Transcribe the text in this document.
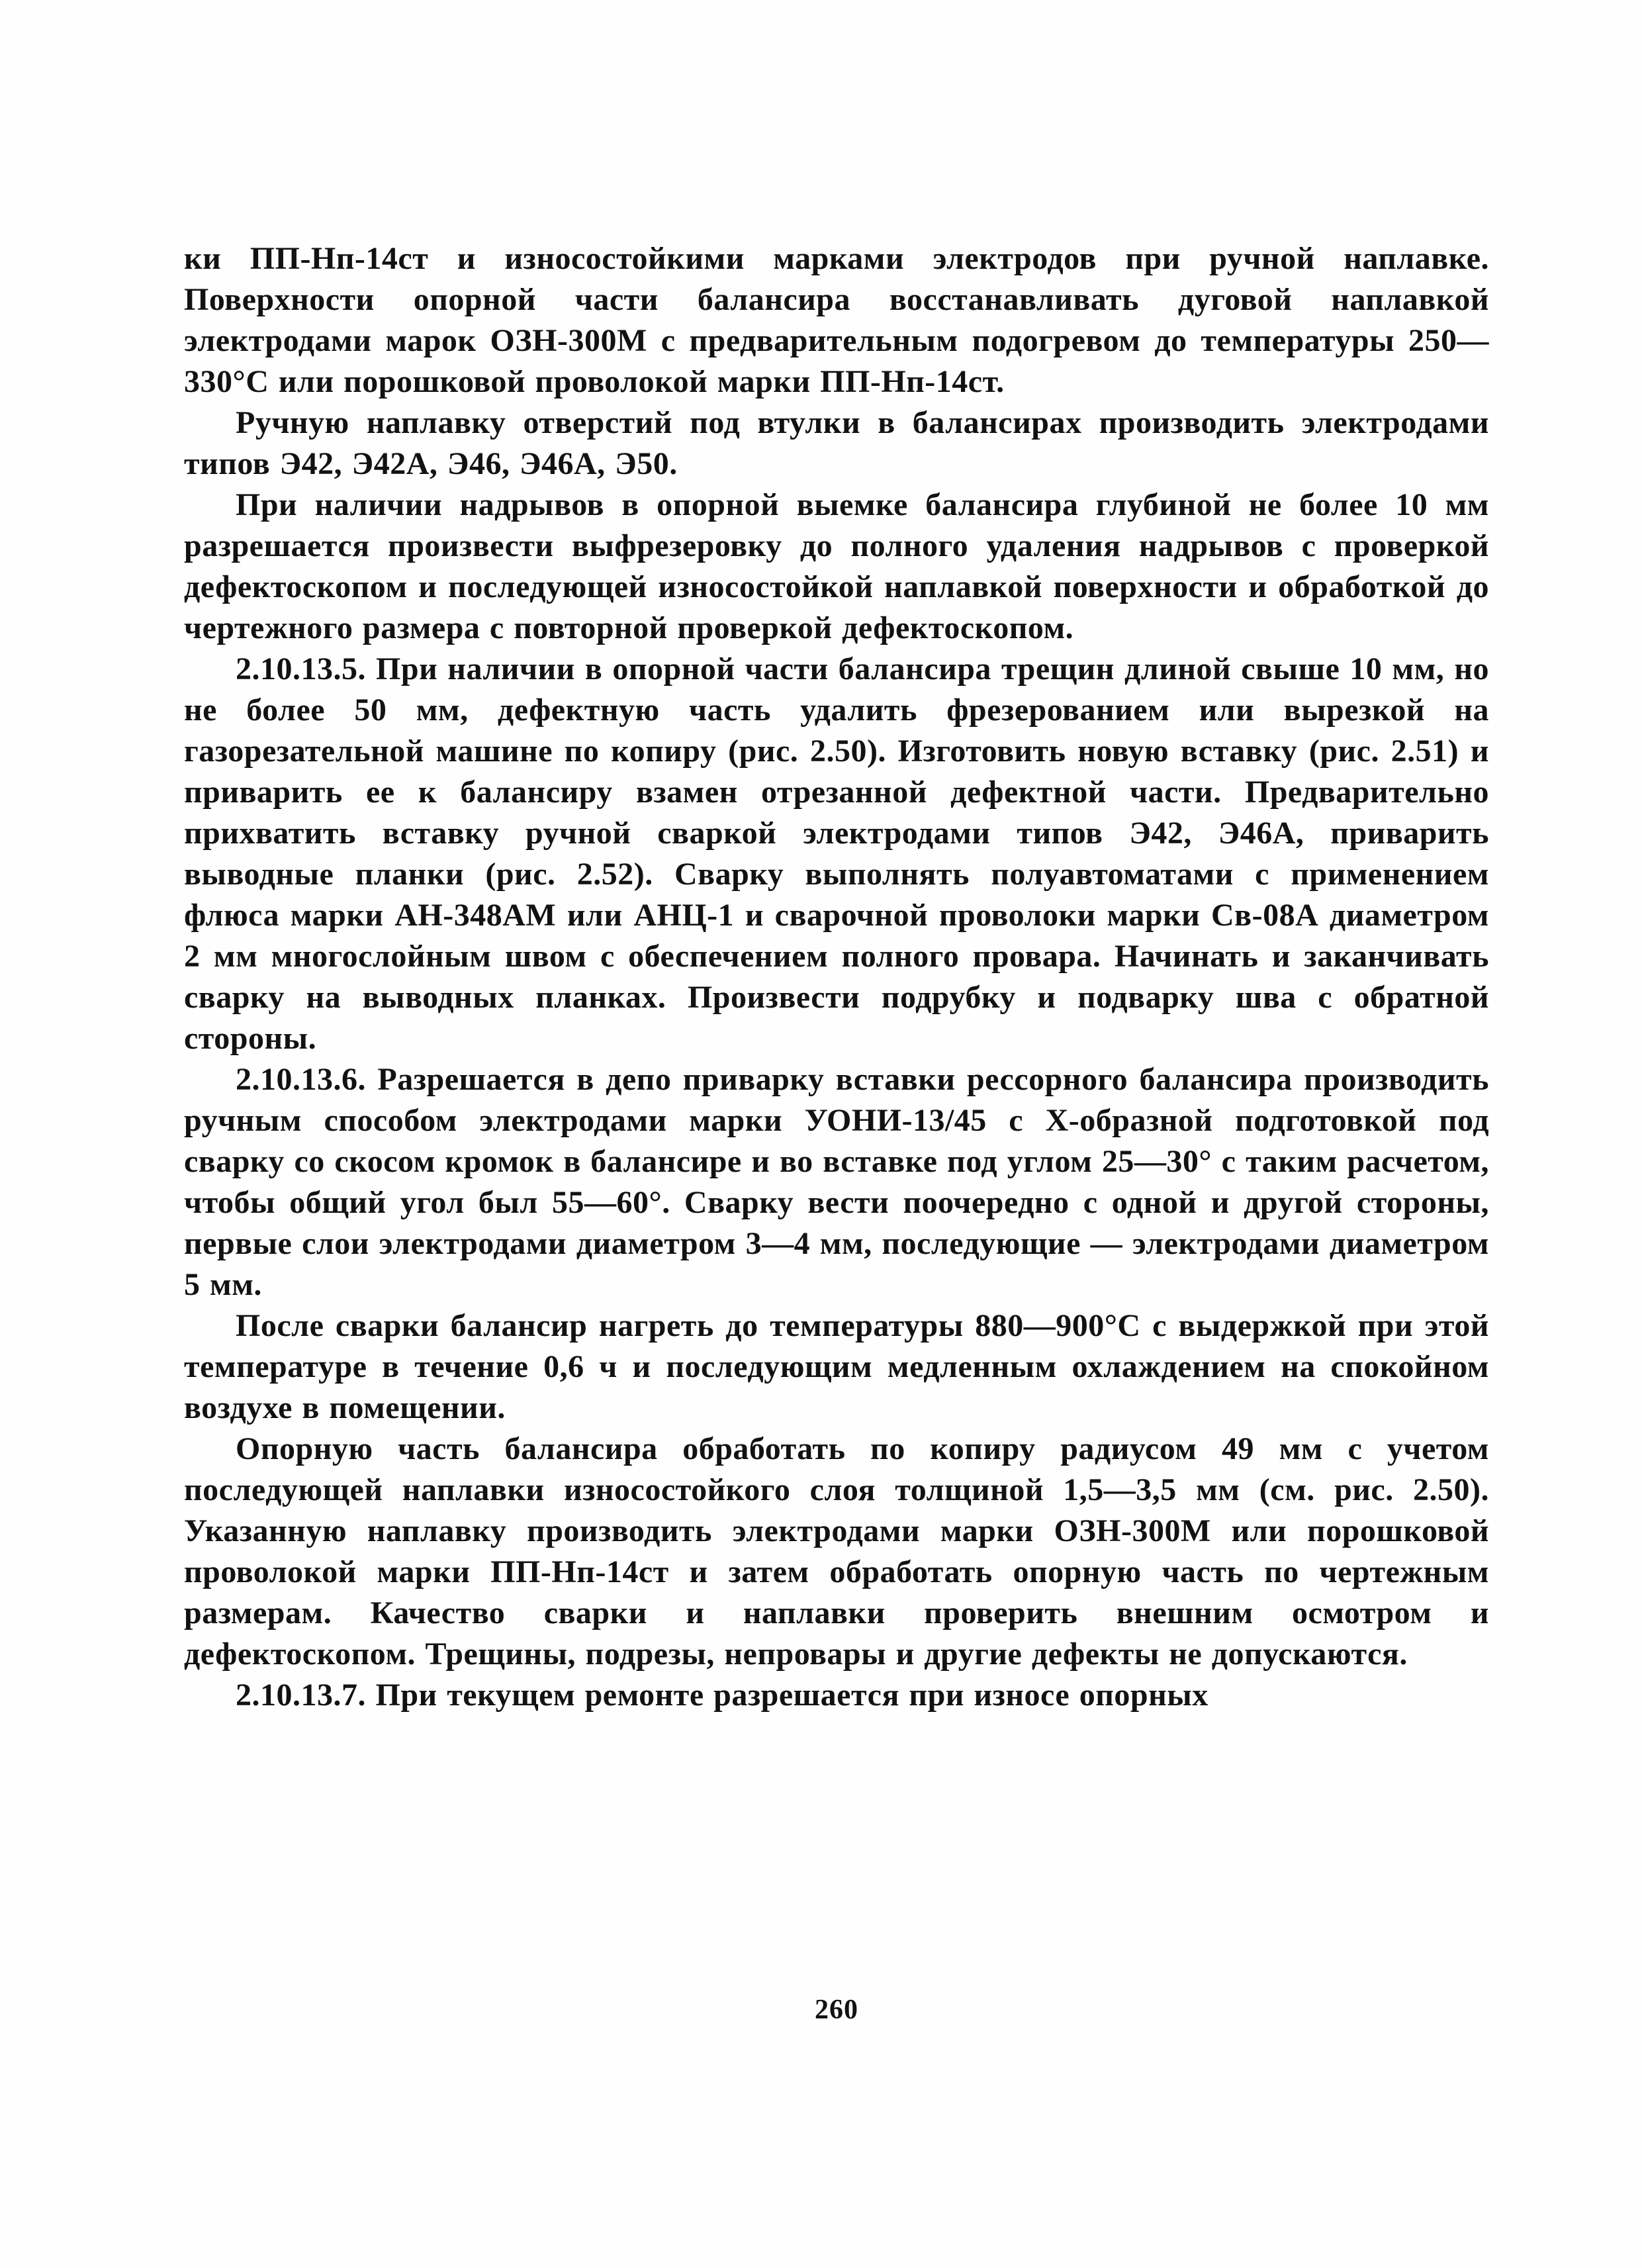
ки ПП-Нп-14ст и износостойкими марками электродов при ручной наплавке. Поверхности опорной части балансира восстанавливать дуговой наплавкой электродами марок ОЗН-300М с предварительным подогревом до температуры 250—330°С или порошковой проволокой марки ПП-Нп-14ст.

Ручную наплавку отверстий под втулки в балансирах производить электродами типов Э42, Э42А, Э46, Э46А, Э50.

При наличии надрывов в опорной выемке балансира глубиной не более 10 мм разрешается произвести выфрезеровку до полного удаления надрывов с проверкой дефектоскопом и последующей износостойкой наплавкой поверхности и обработкой до чертежного размера с повторной проверкой дефектоскопом.

2.10.13.5. При наличии в опорной части балансира трещин длиной свыше 10 мм, но не более 50 мм, дефектную часть удалить фрезерованием или вырезкой на газорезательной машине по копиру (рис. 2.50). Изготовить новую вставку (рис. 2.51) и приварить ее к балансиру взамен отрезанной дефектной части. Предварительно прихватить вставку ручной сваркой электродами типов Э42, Э46А, приварить выводные планки (рис. 2.52). Сварку выполнять полуавтоматами с применением флюса марки АН-348АМ или АНЦ-1 и сварочной проволоки марки Св-08А диаметром 2 мм многослойным швом с обеспечением полного провара. Начинать и заканчивать сварку на выводных планках. Произвести подрубку и подварку шва с обратной стороны.

2.10.13.6. Разрешается в депо приварку вставки рессорного балансира производить ручным способом электродами марки УОНИ-13/45 с Х-образной подготовкой под сварку со скосом кромок в балансире и во вставке под углом 25—30° с таким расчетом, чтобы общий угол был 55—60°. Сварку вести поочередно с одной и другой стороны, первые слои электродами диаметром 3—4 мм, последующие — электродами диаметром 5 мм.

После сварки балансир нагреть до температуры 880—900°С с выдержкой при этой температуре в течение 0,6 ч и последующим медленным охлаждением на спокойном воздухе в помещении.

Опорную часть балансира обработать по копиру радиусом 49 мм с учетом последующей наплавки износостойкого слоя толщиной 1,5—3,5 мм (см. рис. 2.50). Указанную наплавку производить электродами марки ОЗН-300М или порошковой проволокой марки ПП-Нп-14ст и затем обработать опорную часть по чертежным размерам. Качество сварки и наплавки проверить внешним осмотром и дефектоскопом. Трещины, подрезы, непровары и другие дефекты не допускаются.

2.10.13.7. При текущем ремонте разрешается при износе опорных

260
